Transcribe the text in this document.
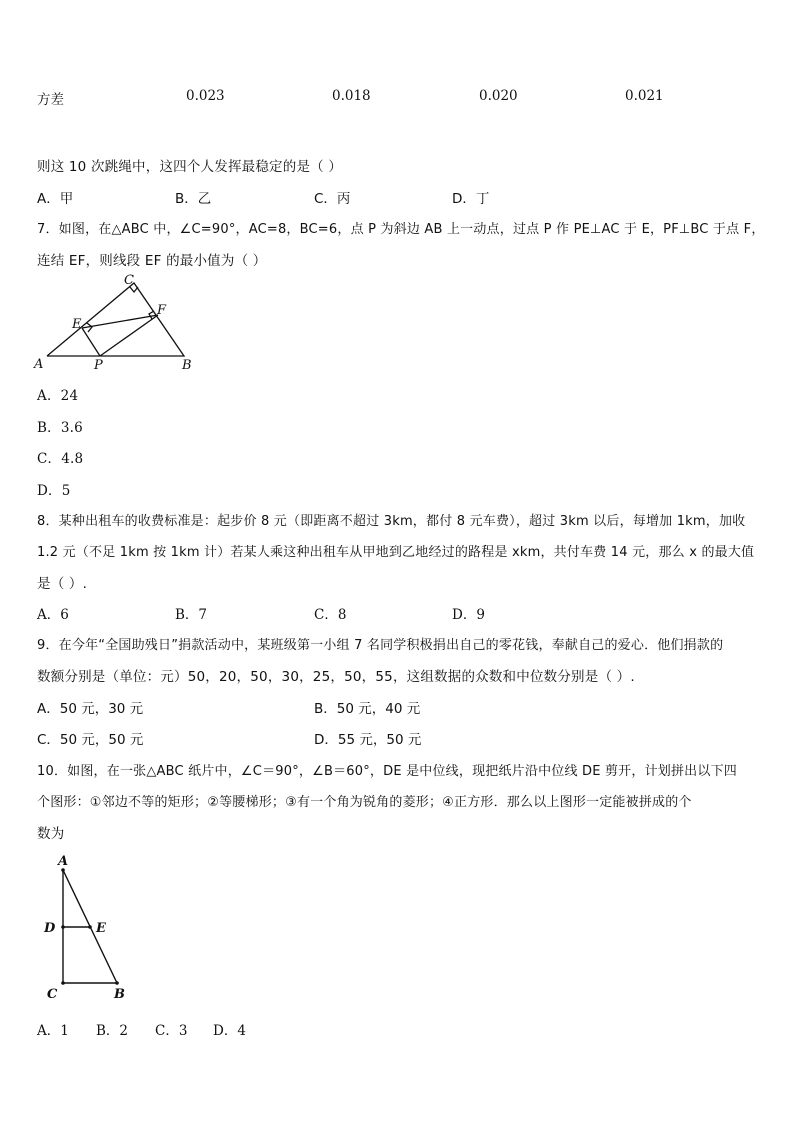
方差	0.023	0.018	0.020	0.021
则这 10 次跳绳中，这四个人发挥最稳定的是（ ）
A．甲	B．乙	C．丙	D．丁
7．如图，在△ABC 中，∠C=90°，AC=8，BC=6，点 P 为斜边 AB 上一动点，过点 P 作 PE⊥AC 于 E，PF⊥BC 于点 F，
连结 EF，则线段 EF 的最小值为（ ）
A	B
C
E
F
P
A．24
B．3.6
C．4.8
D．5
8．某种出租车的收费标准是：起步价 8 元（即距离不超过 3km，都付 8 元车费），超过 3km 以后，每增加 1km，加收
1.2 元（不足 1km 按 1km 计）若某人乘这种出租车从甲地到乙地经过的路程是 xkm，共付车费 14 元，那么 x 的最大值
是（ ）.
A．6	B．7	C．8	D．9
9．在今年“全国助残日”捐款活动中，某班级第一小组 7 名同学积极捐出自己的零花钱，奉献自己的爱心．他们捐款的
数额分别是（单位：元）50，20，50，30，25，50，55，这组数据的众数和中位数分别是（ ）.
A．50 元，30 元	B．50 元，40 元
C．50 元，50 元	D．55 元，50 元
10．如图，在一张△ABC 纸片中，∠C＝90°，∠B＝60°，DE 是中位线，现把纸片沿中位线 DE 剪开，计划拼出以下四
个图形：①邻边不等的矩形；②等腰梯形；③有一个角为锐角的菱形；④正方形．那么以上图形一定能被拼成的个
数为
A
D	E
C	B
A．1 B．2 C．3 D．4
